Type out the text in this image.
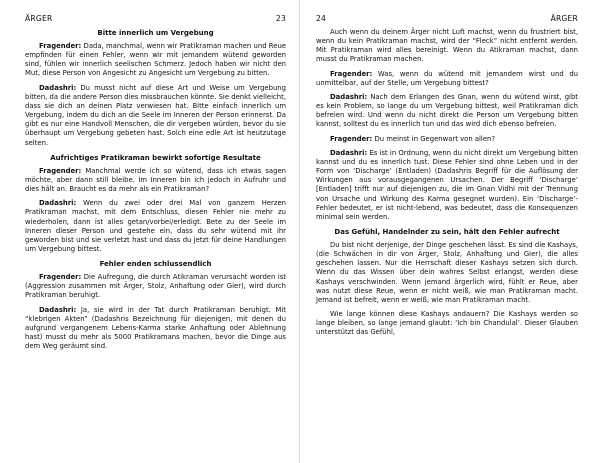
ÄRGER	23
Bitte innerlich um Vergebung

Fragender: Dada, manchmal, wenn wir Pratikraman machen und Reue empfinden für einen Fehler, wenn wir mit jemandem wütend geworden sind, fühlen wir innerlich seelischen Schmerz. Jedoch haben wir nicht den Mut, diese Person von Angesicht zu Angesicht um Vergebung zu bitten.

Dadashri: Du musst nicht auf diese Art und Weise um Vergebung bitten, da die andere Person dies missbrauchen könnte. Sie denkt vielleicht, dass sie dich an deinen Platz verwiesen hat. Bitte einfach innerlich um Vergebung, indem du dich an die Seele im Inneren der Person erinnerst. Da gibt es nur eine Handvoll Menschen, die dir vergeben würden, bevor du sie überhaupt um Vergebung gebeten hast. Solch eine edle Art ist heutzutage selten.

Aufrichtiges Pratikraman bewirkt sofortige Resultate

Fragender: Manchmal werde ich so wütend, dass ich etwas sagen möchte, aber dann still bleibe. Im Inneren bin ich jedoch in Aufruhr und dies hält an. Braucht es da mehr als ein Pratikraman?

Dadashri: Wenn du zwei oder drei Mal von ganzem Herzen Pratikraman machst, mit dem Entschluss, diesen Fehler nie mehr zu wiederholen, dann ist alles getan/vorbei/erledigt. Bete zu der Seele im Inneren dieser Person und gestehe ein, dass du sehr wütend mit ihr geworden bist und sie verletzt hast und dass du jetzt für deine Handlungen um Vergebung bittest.

Fehler enden schlussendlich

Fragender: Die Aufregung, die durch Atikraman verursacht worden ist (Aggression zusammen mit Ärger, Stolz, Anhaftung oder Gier), wird durch Pratikraman beruhigt.

Dadashri: Ja, sie wird in der Tat durch Pratikraman beruhigt. Mit “klebrigen Akten” (Dadashris Bezeichnung für diejenigen, mit denen du aufgrund vergangenem Lebens-Karma starke Anhaftung oder Ablehnung hast) musst du mehr als 5000 Pratikramans machen, bevor die Dinge aus dem Weg geräumt sind.

24	ÄRGER

Auch wenn du deinem Ärger nicht Luft machst, wenn du frustriert bist, wenn du kein Pratikraman machst, wird der “Fleck” nicht entfernt werden. Mit Pratikraman wird alles bereinigt. Wenn du Atikraman machst, dann musst du Pratikraman machen.

Fragender: Was, wenn du wütend mit jemandem wirst und du unmittelbar, auf der Stelle, um Vergebung bittest?

Dadashri: Nach dem Erlangen des Gnan, wenn du wütend wirst, gibt es kein Problem, so lange du um Vergebung bittest, weil Pratikraman dich befreien wird. Und wenn du nicht direkt die Person um Vergebung bitten kannst, solltest du es innerlich tun und das wird dich ebenso befreien.

Fragender: Du meinst in Gegenwart von allen?

Dadashri: Es ist in Ordnung, wenn du nicht direkt um Vergebung bitten kannst und du es innerlich tust. Diese Fehler sind ohne Leben und in der Form von ‘Discharge’ (Entladen) (Dadashris Begriff für die Auflösung der Wirkungen aus vorausgegangenen Ursachen. Der Begriff ‘Discharge’ [Entladen] trifft nur auf diejenigen zu, die im Gnan Vidhi mit der Trennung von Ursache und Wirkung des Karma gesegnet wurden). Ein ‘Discharge’-Fehler bedeutet, er ist nicht-lebend, was bedeutet, dass die Konsequenzen minimal sein werden.

Das Gefühl, Handelnder zu sein, hält den Fehler aufrecht

Du bist nicht derjenige, der Dinge geschehen lässt. Es sind die Kashays, (die Schwächen in dir von Ärger, Stolz, Anhaftung und Gier), die alles geschehen lassen. Nur die Herrschaft dieser Kashays setzen sich durch. Wenn du das Wissen über dein wahres Selbst erlangst, werden diese Kashays verschwinden. Wenn jemand ärgerlich wird, fühlt er Reue, aber was nutzt diese Reue, wenn er nicht weiß, wie man Pratikraman macht. Jemand ist befreit, wenn er weiß, wie man Pratikraman macht.

Wie lange können diese Kashays andauern? Die Kashays werden so lange bleiben, so lange jemand glaubt: ‘Ich bin Chandulal’. Dieser Glauben unterstützt das Gefühl,
